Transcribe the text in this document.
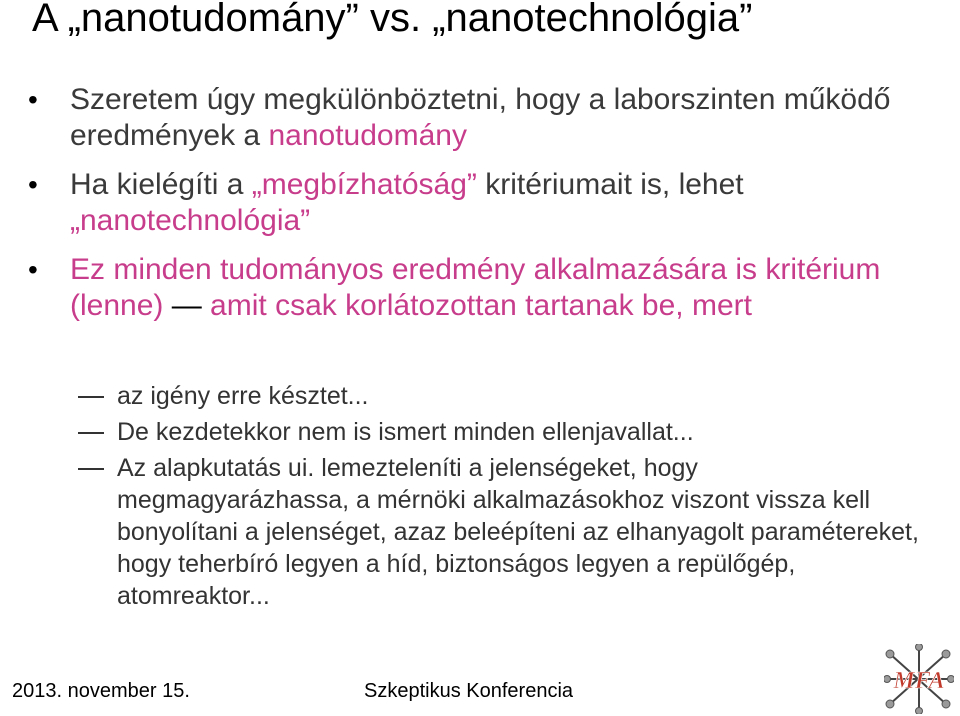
A „nanotudomány” vs. „nanotechnológia”
• Szeretem úgy megkülönböztetni, hogy a laborszinten működő eredmények a nanotudomány
• Ha kielégíti a „megbízhatóság” kritériumait is, lehet „nanotechnológia”
• Ez minden tudományos eredmény alkalmazására is kritérium (lenne) — amit csak korlátozottan tartanak be, mert
az igény erre késztet...
De kezdetekkor nem is ismert minden ellenjavallat...
Az alapkutatás ui. lemezteleníti a jelenségeket, hogy megmagyarázhassa, a mérnöki alkalmazásokhoz viszont vissza kell bonyolítani a jelenséget, azaz beleépíteni az elhanyagolt paramétereket, hogy teherbíró legyen a híd, biztonságos legyen a repülőgép, atomreaktor...
2013. november 15.	Szkeptikus Konferencia	MFA
